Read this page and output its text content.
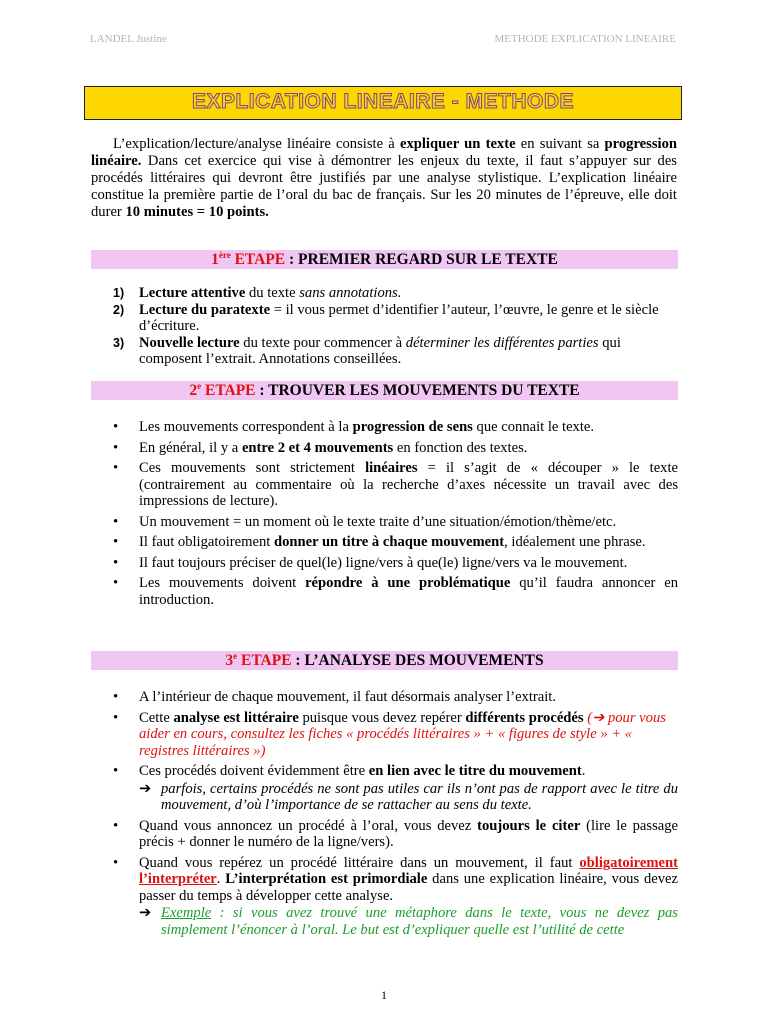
LANDEL Justine	METHODE EXPLICATION LINEAIRE
EXPLICATION LINEAIRE - METHODE

L’explication/lecture/analyse linéaire consiste à expliquer un texte en suivant sa progression linéaire. Dans cet exercice qui vise à démontrer les enjeux du texte, il faut s’appuyer sur des procédés littéraires qui devront être justifiés par une analyse stylistique. L’explication linéaire constitue la première partie de l’oral du bac de français. Sur les 20 minutes de l’épreuve, elle doit durer 10 minutes = 10 points.

1ère ETAPE : PREMIER REGARD SUR LE TEXTE
1)	Lecture attentive du texte sans annotations.
2)	Lecture du paratexte = il vous permet d’identifier l’auteur, l’œuvre, le genre et le siècle d’écriture.
3)	Nouvelle lecture du texte pour commencer à déterminer les différentes parties qui composent l’extrait. Annotations conseillées.
2e ETAPE : TROUVER LES MOUVEMENTS DU TEXTE
•	Les mouvements correspondent à la progression de sens que connait le texte.
•	En général, il y a entre 2 et 4 mouvements en fonction des textes.
•	Ces mouvements sont strictement linéaires = il s’agit de « découper » le texte (contrairement au commentaire où la recherche d’axes nécessite un travail avec des impressions de lecture).
•	Un mouvement = un moment où le texte traite d’une situation/émotion/thème/etc.
•	Il faut obligatoirement donner un titre à chaque mouvement, idéalement une phrase.
•	Il faut toujours préciser de quel(le) ligne/vers à que(le) ligne/vers va le mouvement.
•	Les mouvements doivent répondre à une problématique qu’il faudra annoncer en introduction.
3e ETAPE : L’ANALYSE DES MOUVEMENTS
•	A l’intérieur de chaque mouvement, il faut désormais analyser l’extrait.
•	Cette analyse est littéraire puisque vous devez repérer différents procédés (➔ pour vous aider en cours, consultez les fiches « procédés littéraires » + « figures de style » + « registres littéraires »)
•	Ces procédés doivent évidemment être en lien avec le titre du mouvement.
➔ parfois, certains procédés ne sont pas utiles car ils n’ont pas de rapport avec le titre du mouvement, d’où l’importance de se rattacher au sens du texte.
•	Quand vous annoncez un procédé à l’oral, vous devez toujours le citer (lire le passage précis + donner le numéro de la ligne/vers).
•	Quand vous repérez un procédé littéraire dans un mouvement, il faut obligatoirement l’interpréter. L’interprétation est primordiale dans une explication linéaire, vous devez passer du temps à développer cette analyse.
➔ Exemple : si vous avez trouvé une métaphore dans le texte, vous ne devez pas simplement l’énoncer à l’oral. Le but est d’expliquer quelle est l’utilité de cette
1
